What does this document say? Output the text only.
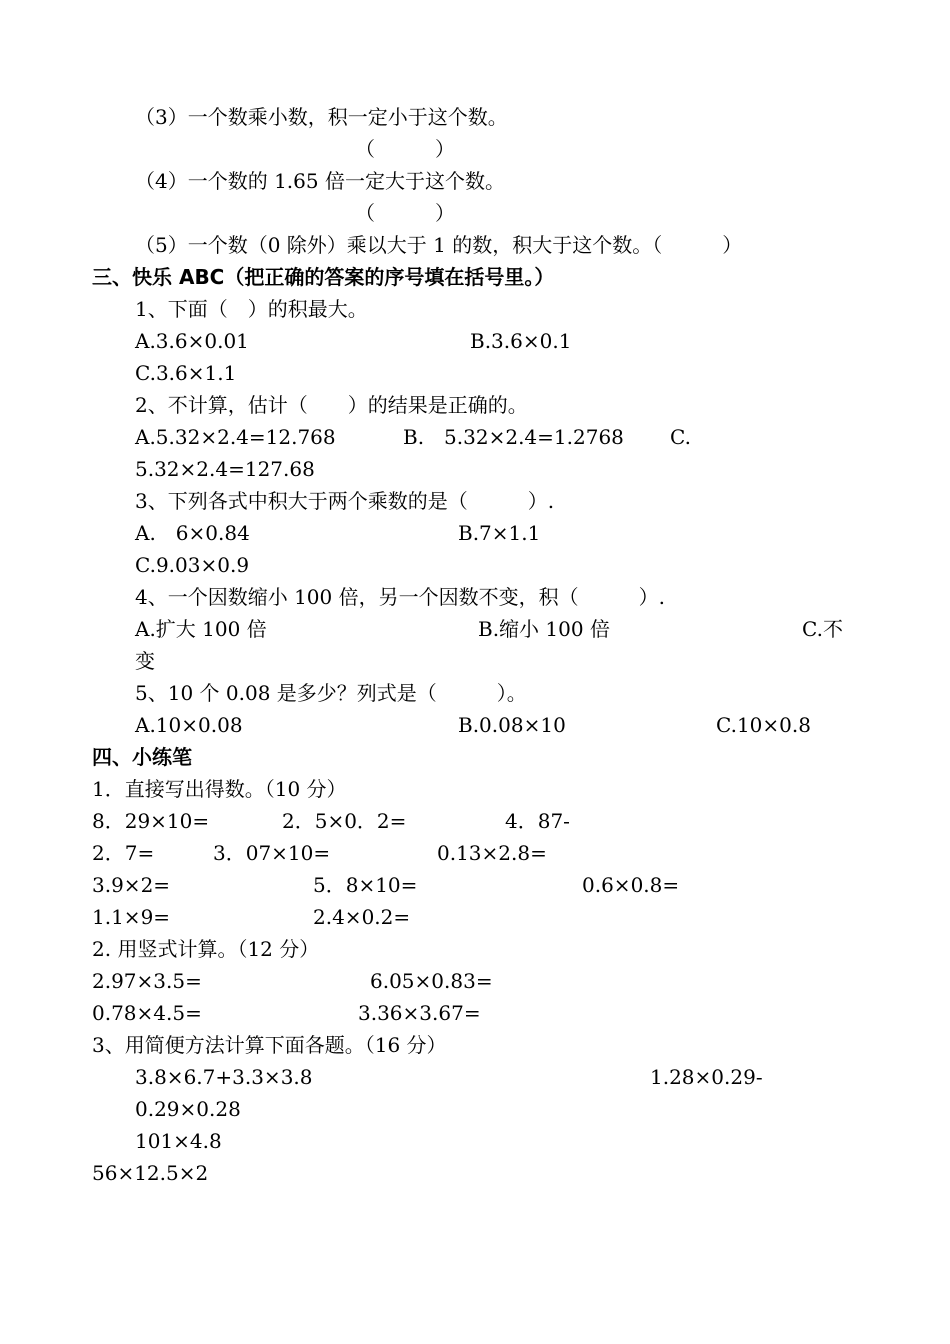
（3）一个数乘小数，积一定小于这个数。
（　　　）
（4）一个数的 1.65 倍一定大于这个数。
（　　　）
（5）一个数（0 除外）乘以大于 1 的数，积大于这个数。（　　　）
三、快乐 ABC（把正确的答案的序号填在括号里。）
1、下面（　）的积最大。
A.3.6×0.01	B.3.6×0.1
C.3.6×1.1
2、不计算，估计（　　）的结果是正确的。
A.5.32×2.4=12.768	B.　5.32×2.4=1.2768 C.
5.32×2.4=127.68
3、下列各式中积大于两个乘数的是（　　　）.
A.　6×0.84	B.7×1.1
C.9.03×0.9
4、一个因数缩小 100 倍，另一个因数不变，积（　　　）.
A.扩大 100 倍	B.缩小 100 倍	C.不
变
5、10 个 0.08 是多少？列式是（　　　）。
A.10×0.08	B.0.08×10	C.10×0.8
四、小练笔
1．直接写出得数。（10 分）
8．29×10=	2．5×0．2=	4．87-
2．7=	3．07×10=	0.13×2.8=
3.9×2=	5．8×10=	0.6×0.8=
1.1×9=	2.4×0.2=
2. 用竖式计算。（12 分）
2.97×3.5=	6.05×0.83=
0.78×4.5=	3.36×3.67=
3、用简便方法计算下面各题。（16 分）
3.8×6.7+3.3×3.8	1.28×0.29-
0.29×0.28
101×4.8
56×12.5×2
